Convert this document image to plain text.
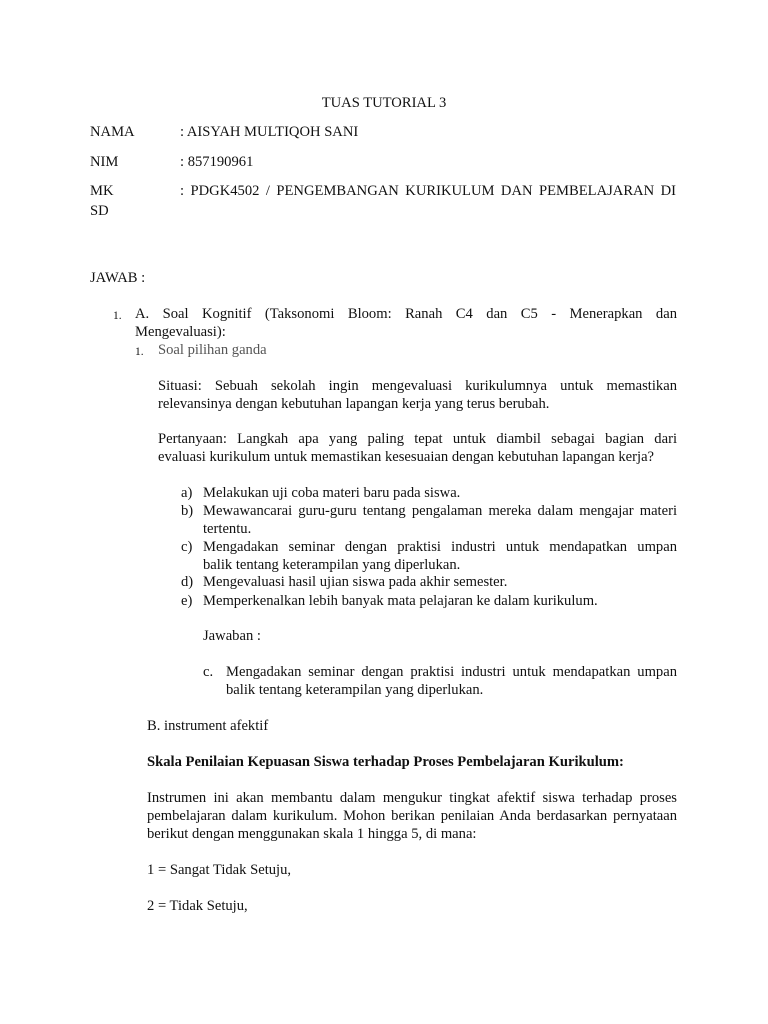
TUAS TUTORIAL 3
NAMA	: AISYAH MULTIQOH SANI
NIM	: 857190961
MK	: PDGK4502 / PENGEMBANGAN KURIKULUM DAN PEMBELAJARAN DI
SD
JAWAB :
1. A. Soal Kognitif (Taksonomi Bloom: Ranah C4 dan C5 - Menerapkan dan
Mengevaluasi):
1. Soal pilihan ganda
Situasi: Sebuah sekolah ingin mengevaluasi kurikulumnya untuk memastikan
relevansinya dengan kebutuhan lapangan kerja yang terus berubah.
Pertanyaan: Langkah apa yang paling tepat untuk diambil sebagai bagian dari
evaluasi kurikulum untuk memastikan kesesuaian dengan kebutuhan lapangan kerja?
a) Melakukan uji coba materi baru pada siswa.
b) Mewawancarai guru-guru tentang pengalaman mereka dalam mengajar materi
tertentu.
c) Mengadakan seminar dengan praktisi industri untuk mendapatkan umpan
balik tentang keterampilan yang diperlukan.
d) Mengevaluasi hasil ujian siswa pada akhir semester.
e) Memperkenalkan lebih banyak mata pelajaran ke dalam kurikulum.
Jawaban :
c. Mengadakan seminar dengan praktisi industri untuk mendapatkan umpan
balik tentang keterampilan yang diperlukan.
B. instrument afektif
Skala Penilaian Kepuasan Siswa terhadap Proses Pembelajaran Kurikulum:
Instrumen ini akan membantu dalam mengukur tingkat afektif siswa terhadap proses
pembelajaran dalam kurikulum. Mohon berikan penilaian Anda berdasarkan pernyataan
berikut dengan menggunakan skala 1 hingga 5, di mana:
1 = Sangat Tidak Setuju,
2 = Tidak Setuju,
